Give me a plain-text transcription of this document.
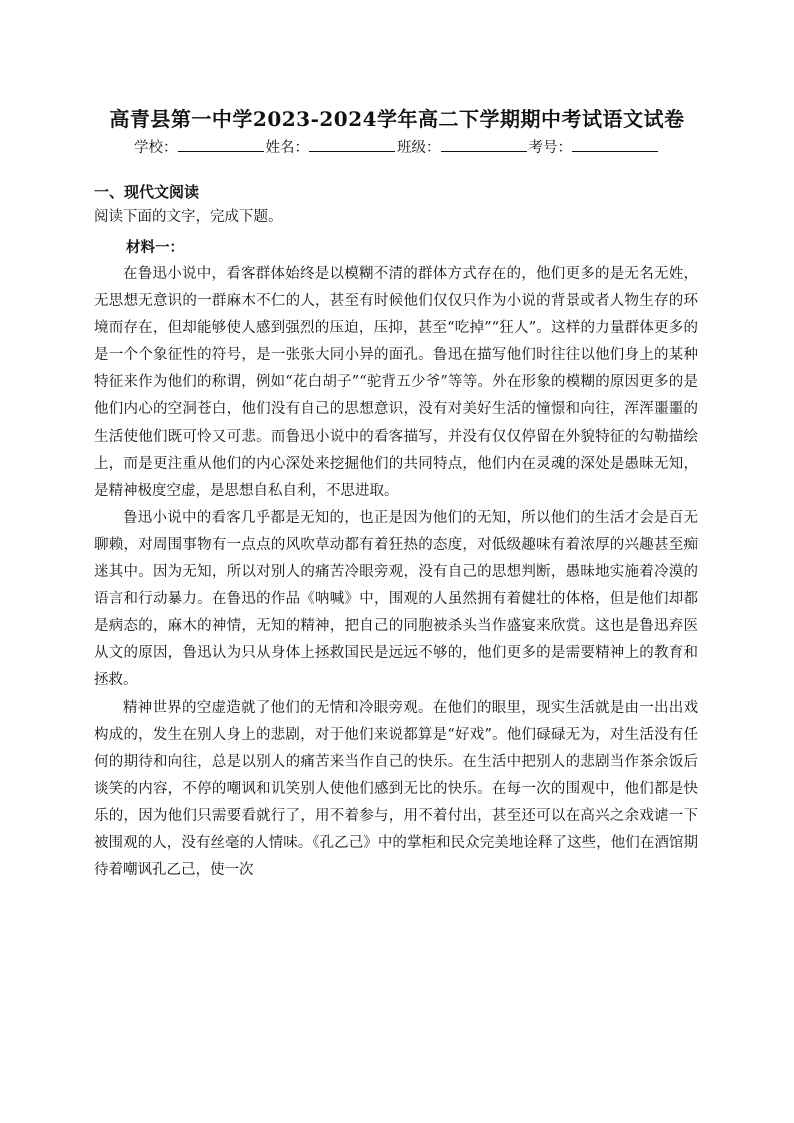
高青县第一中学2023-2024学年高二下学期期中考试语文试卷
学校：	姓名：	班级：	考号：
一、现代文阅读
阅读下面的文字，完成下题。
材料一：

在鲁迅小说中，看客群体始终是以模糊不清的群体方式存在的，他们更多的是无名无姓，无思想无意识的一群麻木不仁的人，甚至有时候他们仅仅只作为小说的背景或者人物生存的环境而存在，但却能够使人感到强烈的压迫，压抑，甚至“吃掉”“狂人”。这样的力量群体更多的是一个个象征性的符号，是一张张大同小异的面孔。鲁迅在描写他们时往往以他们身上的某种特征来作为他们的称谓，例如“花白胡子”“驼背五少爷”等等。外在形象的模糊的原因更多的是他们内心的空洞苍白，他们没有自己的思想意识，没有对美好生活的憧憬和向往，浑浑噩噩的生活使他们既可怜又可悲。而鲁迅小说中的看客描写，并没有仅仅停留在外貌特征的勾勒描绘上，而是更注重从他们的内心深处来挖掘他们的共同特点，他们内在灵魂的深处是愚昧无知，是精神极度空虚，是思想自私自利，不思进取。

鲁迅小说中的看客几乎都是无知的，也正是因为他们的无知，所以他们的生活才会是百无聊赖，对周围事物有一点点的风吹草动都有着狂热的态度，对低级趣味有着浓厚的兴趣甚至痴迷其中。因为无知，所以对别人的痛苦冷眼旁观，没有自己的思想判断，愚昧地实施着冷漠的语言和行动暴力。在鲁迅的作品《呐喊》中，围观的人虽然拥有着健壮的体格，但是他们却都是病态的，麻木的神情，无知的精神，把自己的同胞被杀头当作盛宴来欣赏。这也是鲁迅弃医从文的原因，鲁迅认为只从身体上拯救国民是远远不够的，他们更多的是需要精神上的教育和拯救。

精神世界的空虚造就了他们的无情和冷眼旁观。在他们的眼里，现实生活就是由一出出戏构成的，发生在别人身上的悲剧，对于他们来说都算是“好戏”。他们碌碌无为，对生活没有任何的期待和向往，总是以别人的痛苦来当作自己的快乐。在生活中把别人的悲剧当作茶余饭后谈笑的内容，不停的嘲讽和讥笑别人使他们感到无比的快乐。在每一次的围观中，他们都是快乐的，因为他们只需要看就行了，用不着参与，用不着付出，甚至还可以在高兴之余戏谑一下被围观的人，没有丝毫的人情味。《孔乙己》中的掌柜和民众完美地诠释了这些，他们在酒馆期待着嘲讽孔乙己，使一次
